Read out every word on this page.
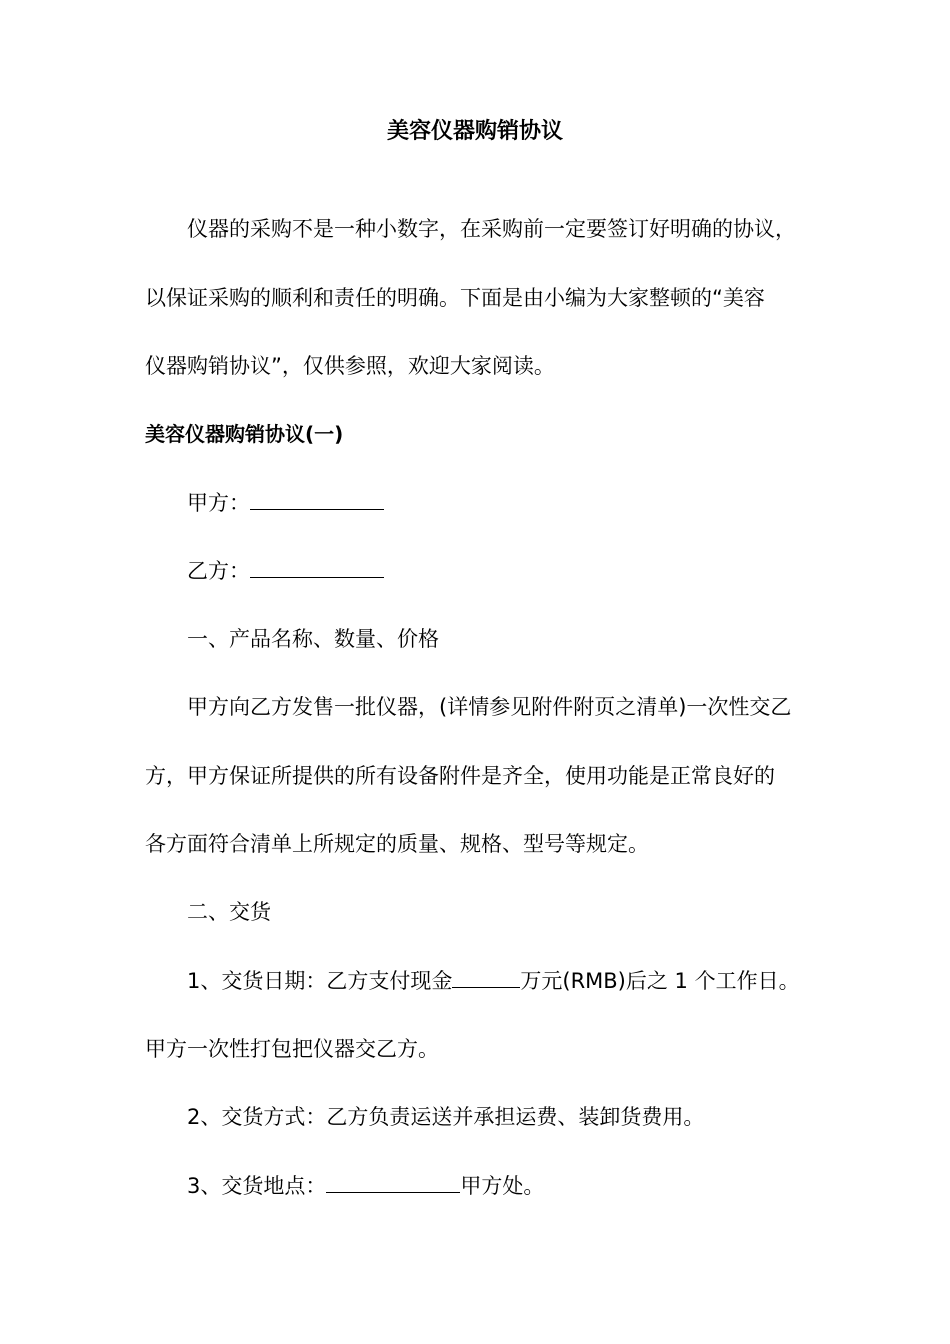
美容仪器购销协议
仪器的采购不是一种小数字，在采购前一定要签订好明确的协议，
以保证采购的顺利和责任的明确。下面是由小编为大家整顿的“美容
仪器购销协议”，仅供参照，欢迎大家阅读。
美容仪器购销协议(一)
甲方：
乙方：
一、产品名称、数量、价格
甲方向乙方发售一批仪器，(详情参见附件附页之清单)一次性交乙
方，甲方保证所提供的所有设备附件是齐全，使用功能是正常良好的
各方面符合清单上所规定的质量、规格、型号等规定。
二、交货
1、交货日期：乙方支付现金	万元(RMB)后之 1 个工作日。
甲方一次性打包把仪器交乙方。
2、交货方式：乙方负责运送并承担运费、装卸货费用。
3、交货地点：	甲方处。
